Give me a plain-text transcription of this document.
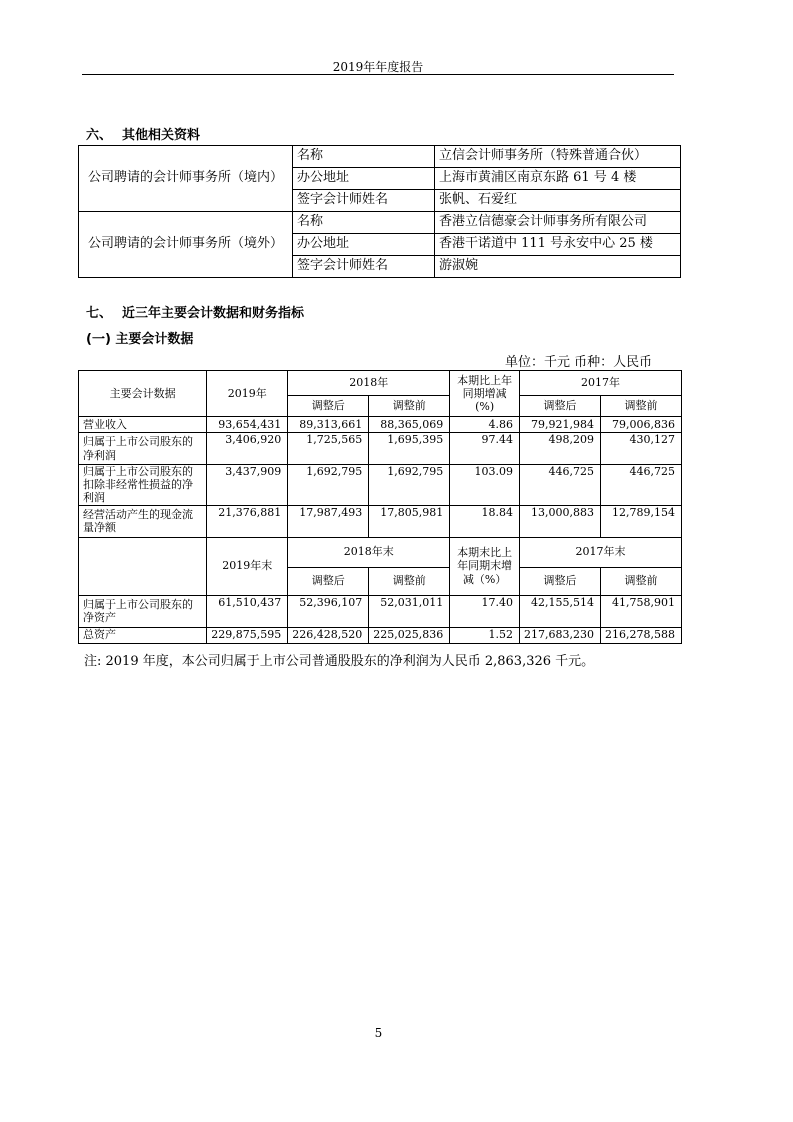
2019年年度报告
六、 其他相关资料
公司聘请的会计师事务所（境内）	名称	立信会计师事务所（特殊普通合伙）
	办公地址	上海市黄浦区南京东路 61 号 4 楼
	签字会计师姓名	张帆、石爱红
公司聘请的会计师事务所（境外）	名称	香港立信德豪会计师事务所有限公司
	办公地址	香港干诺道中 111 号永安中心 25 楼
	签字会计师姓名	游淑婉
七、 近三年主要会计数据和财务指标
(一) 主要会计数据
单位：千元 币种：人民币
主要会计数据	2019年	2018年		本期比上年同期增减(%)	2017年	
		调整后	调整前		调整后	调整前
营业收入	93,654,431	89,313,661	88,365,069	4.86	79,921,984	79,006,836
归属于上市公司股东的净利润	3,406,920	1,725,565	1,695,395	97.44	498,209	430,127
归属于上市公司股东的扣除非经常性损益的净利润	3,437,909	1,692,795	1,692,795	103.09	446,725	446,725
经营活动产生的现金流量净额	21,376,881	17,987,493	17,805,981	18.84	13,000,883	12,789,154
	2019年末	2018年末		本期末比上年同期末增减（%）	2017年末	
		调整后	调整前		调整后	调整前
归属于上市公司股东的净资产	61,510,437	52,396,107	52,031,011	17.40	42,155,514	41,758,901
总资产	229,875,595	226,428,520	225,025,836	1.52	217,683,230	216,278,588
注: 2019 年度，本公司归属于上市公司普通股股东的净利润为人民币 2,863,326 千元。
5
